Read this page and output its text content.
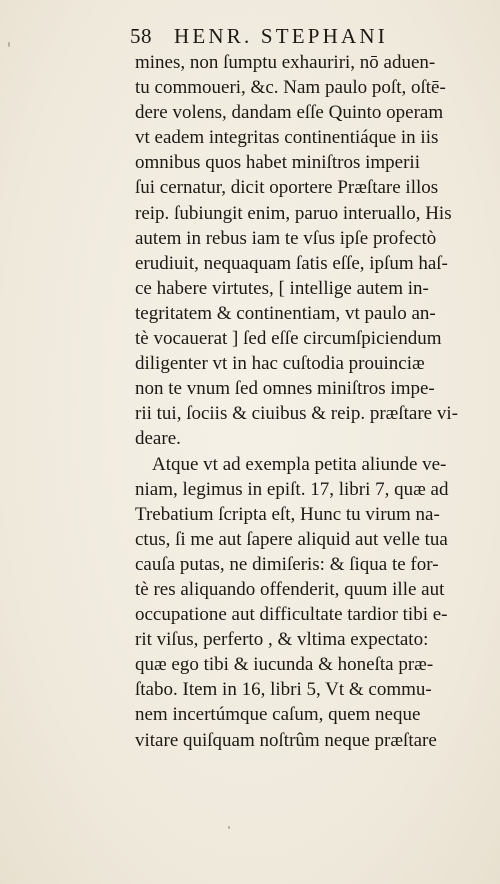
58 HENR. STEPHANI
mines, non ſumptu exhauriri, nō aduen-
tu commoueri, &c. Nam paulo poſt, oſtē-
dere volens, dandam eſſe Quinto operam
vt eadem integritas continentiáque in iis
omnibus quos habet miniſtros imperii
ſui cernatur, dicit oportere Præſtare illos
reip. ſubiungit enim, paruo interuallo, His
autem in rebus iam te vſus ipſe profectò
erudiuit, nequaquam ſatis eſſe, ipſum haſ-
ce habere virtutes, [ intellige autem in-
tegritatem & continentiam, vt paulo an-
tè vocauerat ] ſed eſſe circumſpiciendum
diligenter vt in hac cuſtodia prouinciæ
non te vnum ſed omnes miniſtros impe-
rii tui, ſociis & ciuibus & reip. præſtare vi-
deare.
Atque vt ad exempla petita aliunde ve-
niam, legimus in epiſt. 17, libri 7, quæ ad
Trebatium ſcripta eſt, Hunc tu virum na-
ctus, ſi me aut ſapere aliquid aut velle tua
cauſa putas, ne dimiſeris: & ſiqua te for-
tè res aliquando offenderit, quum ille aut
occupatione aut difficultate tardior tibi e-
rit viſus, perferto , & vltima expectato:
quæ ego tibi & iucunda & honeſta præ-
ſtabo. Item in 16, libri 5, Vt & commu-
nem incertúmque caſum, quem neque
vitare quiſquam noſtrûm neque præſtare
